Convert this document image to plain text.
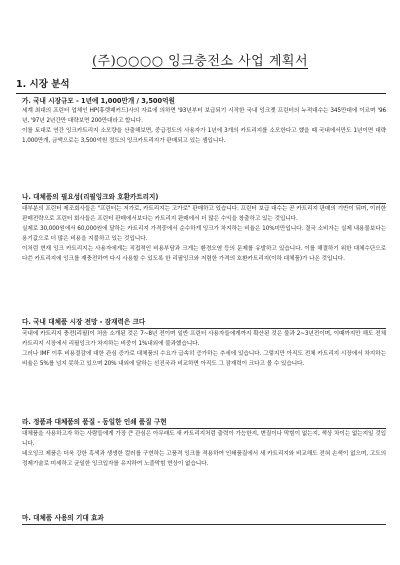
(주)○○○○ 잉크충전소 사업 계획서
1. 시장 분석
가. 국내 시장규모 - 1년에 1,000만개 / 3,500억원

세계 최대의 프린터 업체인 HP(휴렛패커드)사의 자료에 의하면 '93년부터 보급되기 시작한 국내 잉크젯 프린터의 누적대수는 345만대에 이르며 '96년, '97년 2년간만 대략보면 200만대라고 합니다.

이를 토대로 연간 잉크카트리지 소모량을 산출해보면, 중급정도의 사용자가 1년에 3개의 카트리지를 소모한다고 했을 때 국내에서만도 1년이면 대략 1,000만개, 금액으로는 3,500억원 정도의 잉크카트리지가 판매되고 있는 셈입니다.

나. 대체품의 필요성(리필잉크와 호환카트리지)

대부분의 프린터 제조회사들은 "프린터는 저가로, 카트리지는 고가로" 판매하고 있습니다. 프린터 보급 대수는 곧 카트리지 판매의 기반이 되며, 이러한 판매전략으로 프린터 회사들은 프린터 판매에서보다는 카트리지 판매에서 더 많은 수익을 창출하고 있는 것입니다.

실제로 30,000원에서 60,000원에 달하는 카트리지 가격중에서 순수하게 잉크가 차지하는 비율은 10%미만입니다. 결국 소비자는 실제 내용물보다는 용기값으로 더 많은 비용을 지불하고 있는 것입니다.

이처럼 현재 잉크 카트리지는 사용자에게는 직접적인 비용부담과 크게는 환경오염 등의 문제를 유발하고 있습니다. 이를 해결하기 위한 대체수단으로 다쓴 카트리지에 잉크를 재충전하여 다시 사용할 수 있도록 한 리필잉크와 저렴한 가격의 호환카트리지(이하 대체품)가 나온 것입니다.

다. 국내 대체품 시장 전망 - 잠재력은 크다

국내에 카트리지 충전(리필)이 처음 소개된 것은 7~8년 전이며 일반 프린터 사용자들에게까지 확산된 것은 불과 2~3년전이며, 이때까지만 해도 전체 카트리지 시장에서 리필잉크가 차지하는 비중이 1%내외에 불과했습니다.

그러나 IMF 이후 비용절감에 대한 관심 증가로 대체품의 수요가 급속히 증가하는 추세에 있습니다. 그렇지만 아직도 전체 카트리지 시장에서 차지하는 비율은 5%를 넘지 못하고 있으며 20% 내외에 달하는 선진국과 비교하면 아직도 그 잠재력이 크다고 볼 수 있습니다.

라. 정품과 대체품의 품질 - 동일한 인쇄 품질 구현

대체품을 사용하고자 하는 사람들에게 가장 큰 관심은 아무래도 새 카트리지처럼 출력이 가능한지, 변질이나 막힘이 없는지, 색상 차이는 없는지일 것입니다.

네오잉크 제품은 더욱 강한 흑색과 생생한 컬러를 구현하는 고품격 잉크를 적용하여 인쇄품질에서 새 카트리지와 비교해도 전혀 손색이 없으며, 고도의 정제기술로 미세하고 균일한 잉크입자를 유지하여 노즐막힘 현상이 없습니다.

마. 대체품 사용의 기대 효과
